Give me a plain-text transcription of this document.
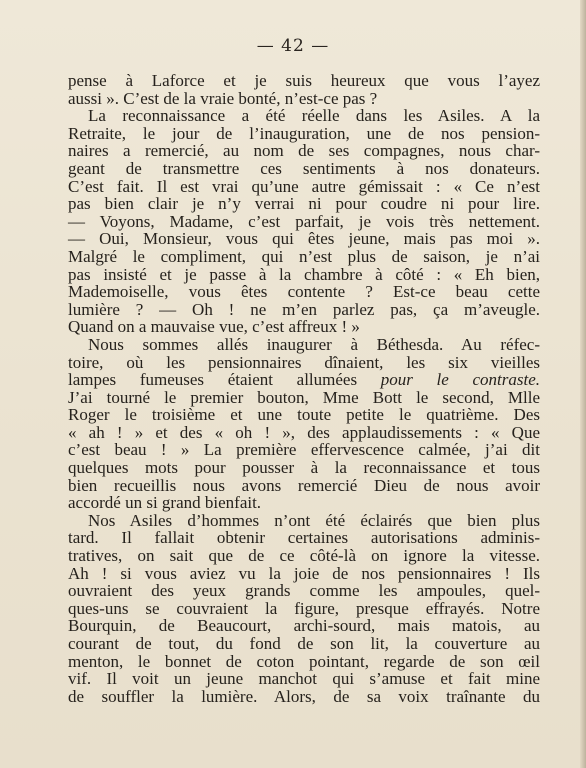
— 42 —

pense à Laforce et je suis heureux que vous l’ayez
aussi ». C’est de la vraie bonté, n’est-ce pas ?

La reconnaissance a été réelle dans les Asiles. A la
Retraite, le jour de l’inauguration, une de nos pension-
naires a remercié, au nom de ses compagnes, nous char-
geant de transmettre ces sentiments à nos donateurs.
C’est fait. Il est vrai qu’une autre gémissait : « Ce n’est
pas bien clair je n’y verrai ni pour coudre ni pour lire.
— Voyons, Madame, c’est parfait, je vois très nettement.
— Oui, Monsieur, vous qui êtes jeune, mais pas moi ».
Malgré le compliment, qui n’est plus de saison, je n’ai
pas insisté et je passe à la chambre à côté : « Eh bien,
Mademoiselle, vous êtes contente ? Est-ce beau cette
lumière ? — Oh ! ne m’en parlez pas, ça m’aveugle.
Quand on a mauvaise vue, c’est affreux ! »

Nous sommes allés inaugurer à Béthesda. Au réfec-
toire, où les pensionnaires dînaient, les six vieilles
lampes fumeuses étaient allumées pour le contraste.
J’ai tourné le premier bouton, Mme Bott le second, Mlle
Roger le troisième et une toute petite le quatrième. Des
« ah ! » et des « oh ! », des applaudissements : « Que
c’est beau ! » La première effervescence calmée, j’ai dit
quelques mots pour pousser à la reconnaissance et tous
bien recueillis nous avons remercié Dieu de nous avoir
accordé un si grand bienfait.

Nos Asiles d’hommes n’ont été éclairés que bien plus
tard. Il fallait obtenir certaines autorisations adminis-
tratives, on sait que de ce côté-là on ignore la vitesse.
Ah ! si vous aviez vu la joie de nos pensionnaires ! Ils
ouvraient des yeux grands comme les ampoules, quel-
ques-uns se couvraient la figure, presque effrayés. Notre
Bourquin, de Beaucourt, archi-sourd, mais matois, au
courant de tout, du fond de son lit, la couverture au
menton, le bonnet de coton pointant, regarde de son œil
vif. Il voit un jeune manchot qui s’amuse et fait mine
de souffler la lumière. Alors, de sa voix traînante du
